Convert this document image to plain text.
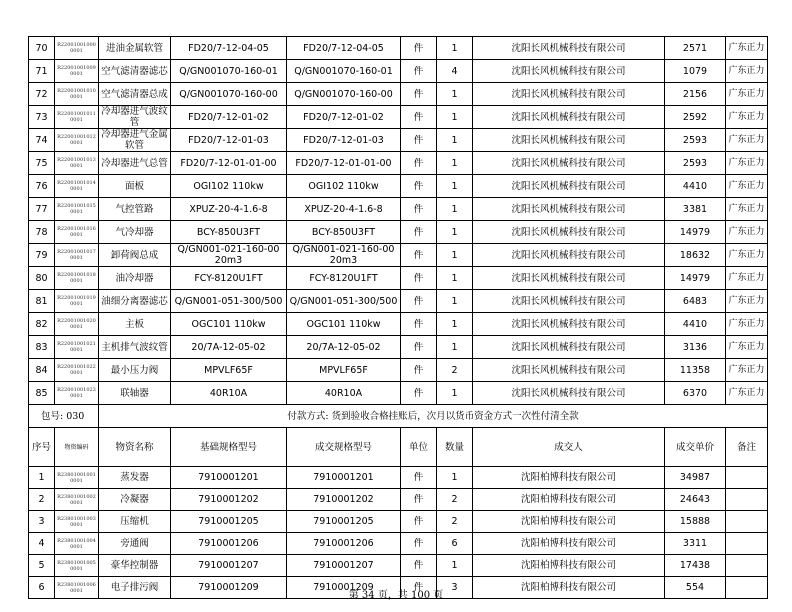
70	R22001001000 0001	进油金属软管	FD20/7-12-04-05	FD20/7-12-04-05	件	1	沈阳长风机械科技有限公司	2571	广东正力
71	R22001001009 0001	空气滤清器滤芯	Q/GN001070-160-01	Q/GN001070-160-01	件	4	沈阳长风机械科技有限公司	1079	广东正力
72	R22001001010 0001	空气滤清器总成	Q/GN001070-160-00	Q/GN001070-160-00	件	1	沈阳长风机械科技有限公司	2156	广东正力
73	R22001001011 0001	冷却器进气波纹管	FD20/7-12-01-02	FD20/7-12-01-02	件	1	沈阳长风机械科技有限公司	2592	广东正力
74	R22001001012 0001	冷却器进气金属软管	FD20/7-12-01-03	FD20/7-12-01-03	件	1	沈阳长风机械科技有限公司	2593	广东正力
75	R22001001013 0001	冷却器进气总管	FD20/7-12-01-01-00	FD20/7-12-01-01-00	件	1	沈阳长风机械科技有限公司	2593	广东正力
76	R22001001014 0001	面板	OGI102 110kw	OGI102 110kw	件	1	沈阳长风机械科技有限公司	4410	广东正力
77	R22001001015 0001	气控管路	XPUZ-20-4-1.6-8	XPUZ-20-4-1.6-8	件	1	沈阳长风机械科技有限公司	3381	广东正力
78	R22001001016 0001	气冷却器	BCY-850U3FT	BCY-850U3FT	件	1	沈阳长风机械科技有限公司	14979	广东正力
79	R22001001017 0001	卸荷阀总成	Q/GN001-021-160-00 20m3	Q/GN001-021-160-00 20m3	件	1	沈阳长风机械科技有限公司	18632	广东正力
80	R22001001018 0001	油冷却器	FCY-8120U1FT	FCY-8120U1FT	件	1	沈阳长风机械科技有限公司	14979	广东正力
81	R22001001019 0001	油细分离器滤芯	Q/GN001-051-300/500	Q/GN001-051-300/500	件	1	沈阳长风机械科技有限公司	6483	广东正力
82	R22001001020 0001	主板	OGC101 110kw	OGC101 110kw	件	1	沈阳长风机械科技有限公司	4410	广东正力
83	R22001001021 0001	主机排气波纹管	20/7A-12-05-02	20/7A-12-05-02	件	1	沈阳长风机械科技有限公司	3136	广东正力
84	R22001001022 0001	最小压力阀	MPVLF65F	MPVLF65F	件	2	沈阳长风机械科技有限公司	11358	广东正力
85	R22001001023 0001	联轴器	40R10A	40R10A	件	1	沈阳长风机械科技有限公司	6370	广东正力
包号: 030		付款方式: 货到验收合格挂账后，次月以货币资金方式一次性付清全款							
序号	物资编码	物资名称	基础规格型号	成交规格型号	单位	数量	成交人	成交单价	备注
1	R23801001001 0001	蒸发器	7910001201	7910001201	件	1	沈阳柏博科技有限公司	34987	
2	R23801001002 0001	冷凝器	7910001202	7910001202	件	2	沈阳柏博科技有限公司	24643	
3	R23801001003 0001	压缩机	7910001205	7910001205	件	2	沈阳柏博科技有限公司	15888	
4	R23801001004 0001	旁通阀	7910001206	7910001206	件	6	沈阳柏博科技有限公司	3311	
5	R23801001005 0001	豪华控制器	7910001207	7910001207	件	1	沈阳柏博科技有限公司	17438	
6	R23801001006 0001	电子排污阀	7910001209	7910001209	件	3	沈阳柏博科技有限公司	554	
第 34 页，共 100 页
